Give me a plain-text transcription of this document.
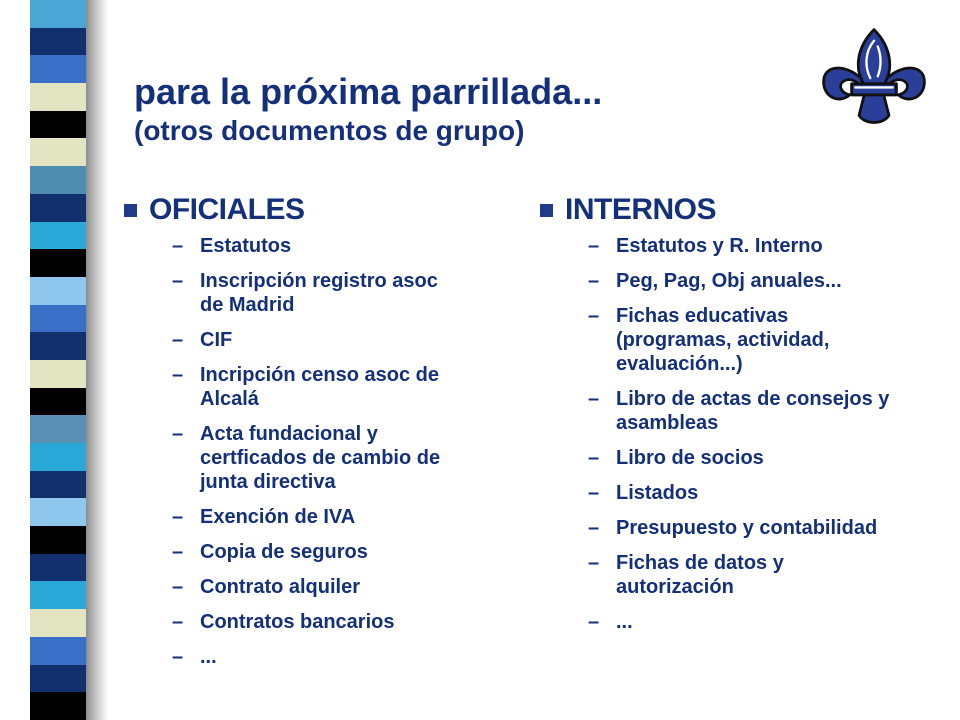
para la próxima parrillada...
(otros documentos de grupo)
OFICIALES
– Estatutos
– Inscripción registro asoc de Madrid
– CIF
– Incripción censo asoc de Alcalá
– Acta fundacional y certficados de cambio de junta directiva
– Exención de IVA
– Copia de seguros
– Contrato alquiler
– Contratos bancarios
– ...
INTERNOS
– Estatutos y R. Interno
– Peg, Pag, Obj anuales...
– Fichas educativas (programas, actividad, evaluación...)
– Libro de actas de consejos y asambleas
– Libro de socios
– Listados
– Presupuesto y contabilidad
– Fichas de datos y autorización
– ...
